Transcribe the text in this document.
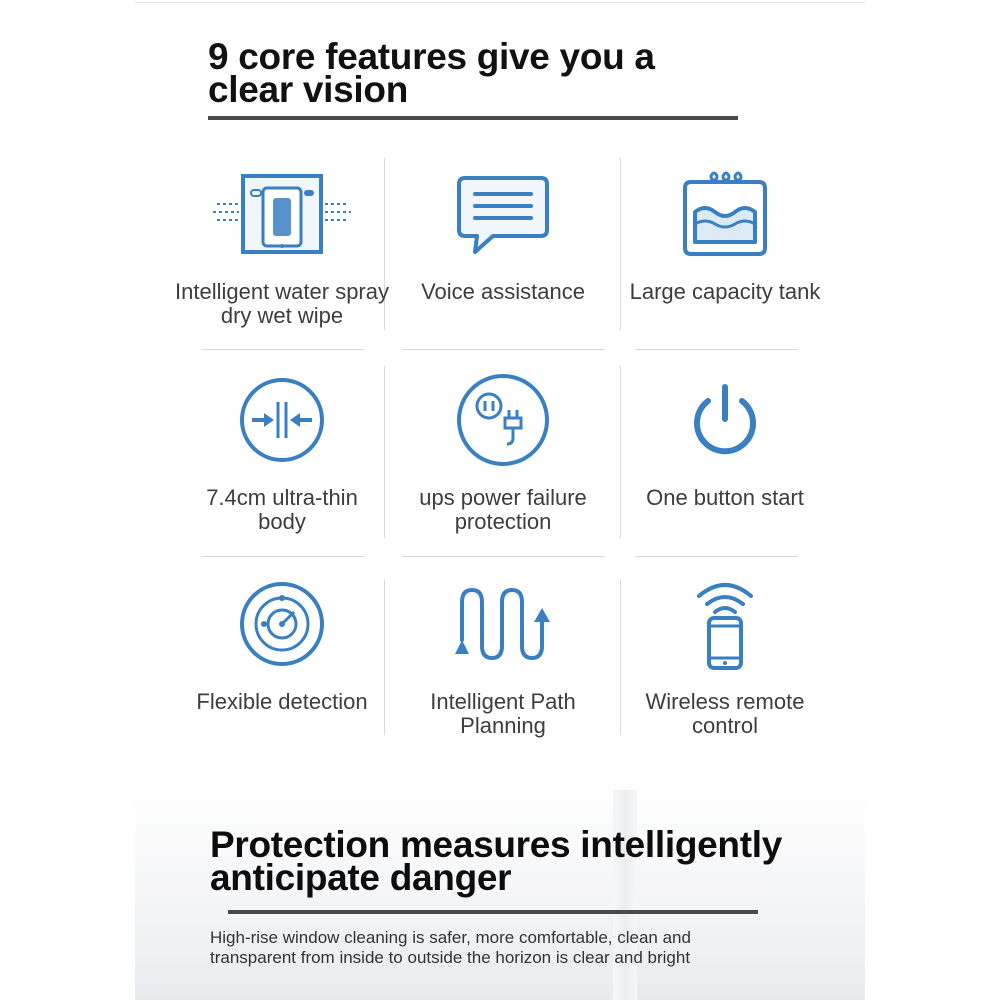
9 core features give you a
clear vision
Intelligent water spray
dry wet wipe
Voice assistance	Large capacity tank
7.4cm ultra-thin
body
ups power failure
protection
One button start
Flexible detection	Intelligent Path
Planning
Wireless remote
control
Protection measures intelligently
anticipate danger

High-rise window cleaning is safer, more comfortable, clean and
transparent from inside to outside the horizon is clear and bright
